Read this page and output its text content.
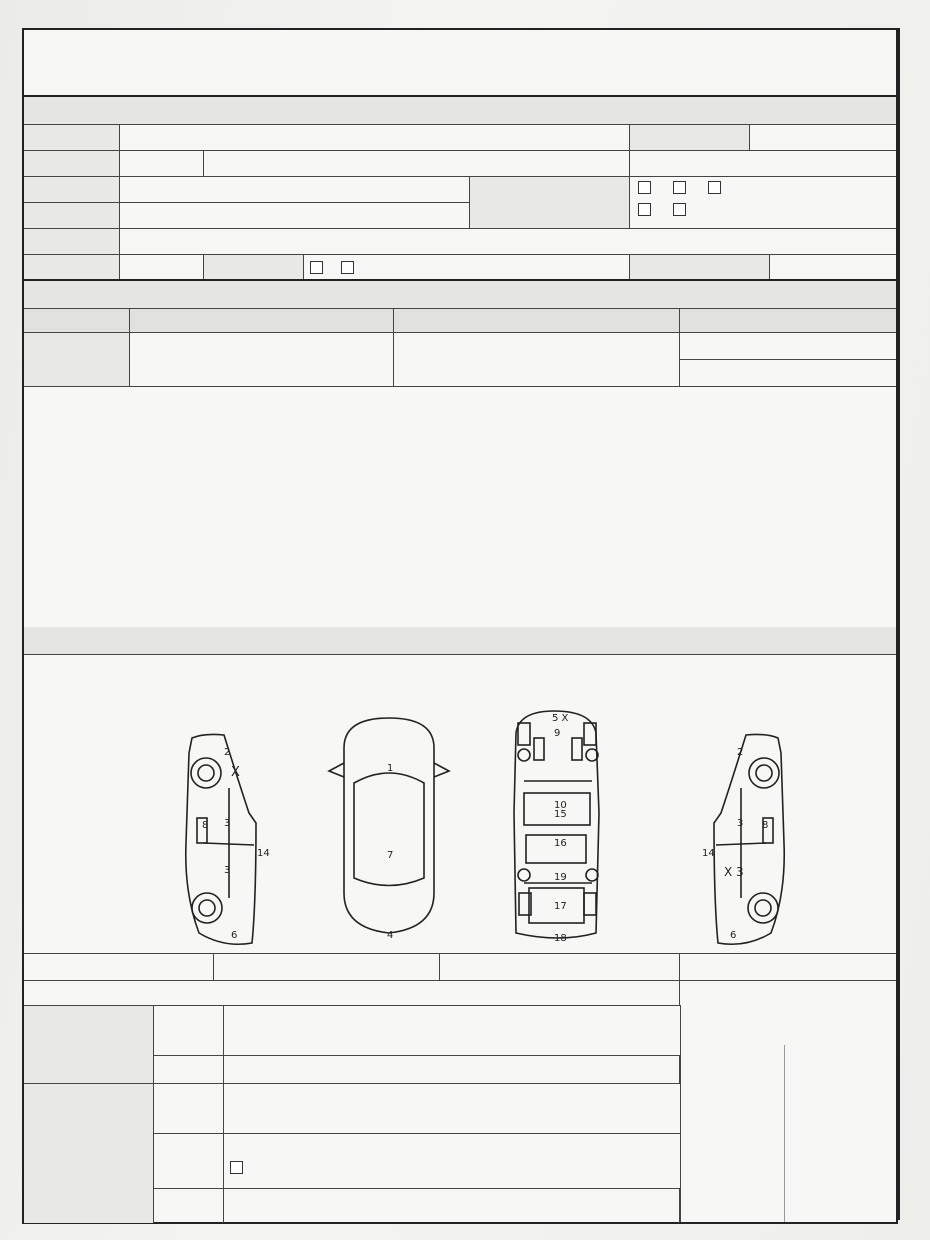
2
X
3
8
3
14
6
1
7
4
5 X
9
10
15
16
19
17
18
2
3 8
14
X 3
6
